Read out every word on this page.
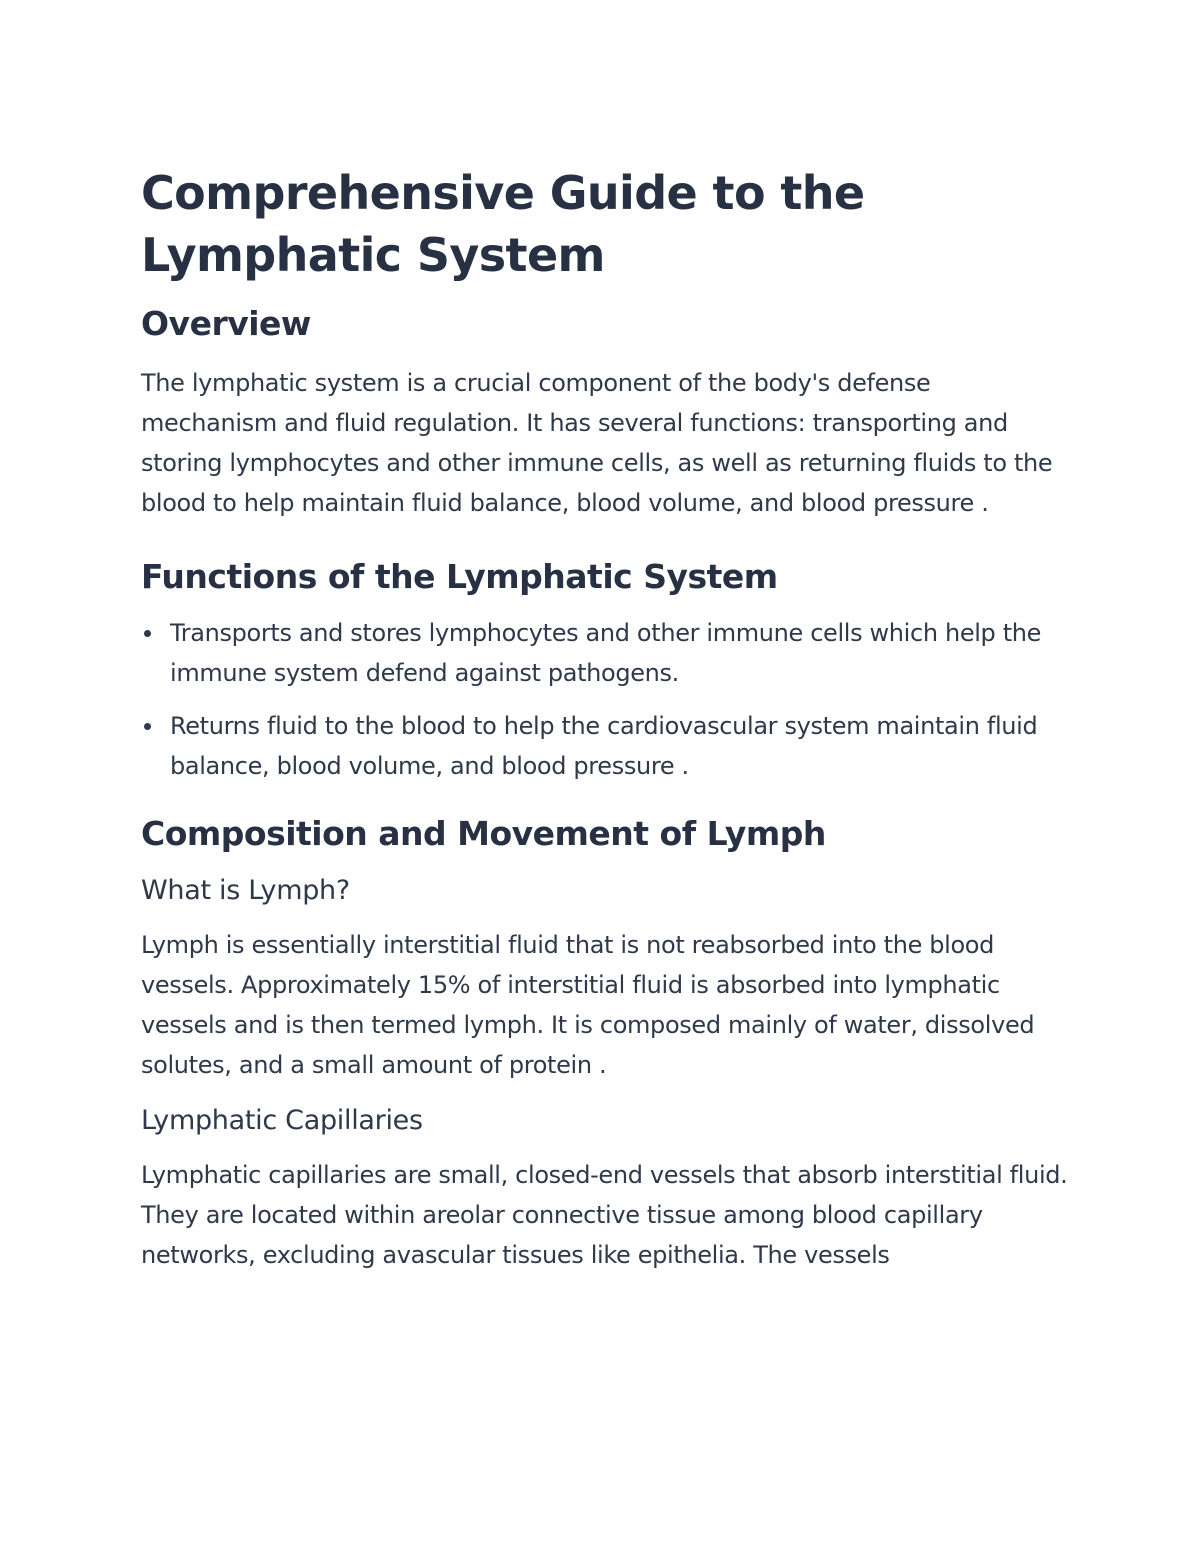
Comprehensive Guide to the Lymphatic System
Overview

The lymphatic system is a crucial component of the body's defense mechanism and fluid regulation. It has several functions: transporting and storing lymphocytes and other immune cells, as well as returning fluids to the blood to help maintain fluid balance, blood volume, and blood pressure .

Functions of the Lymphatic System
Transports and stores lymphocytes and other immune cells which help the immune system defend against pathogens.
Returns fluid to the blood to help the cardiovascular system maintain fluid balance, blood volume, and blood pressure .
Composition and Movement of Lymph
What is Lymph?

Lymph is essentially interstitial fluid that is not reabsorbed into the blood vessels. Approximately 15% of interstitial fluid is absorbed into lymphatic vessels and is then termed lymph. It is composed mainly of water, dissolved solutes, and a small amount of protein .

Lymphatic Capillaries

Lymphatic capillaries are small, closed-end vessels that absorb interstitial fluid. They are located within areolar connective tissue among blood capillary networks, excluding avascular tissues like epithelia. The vessels
